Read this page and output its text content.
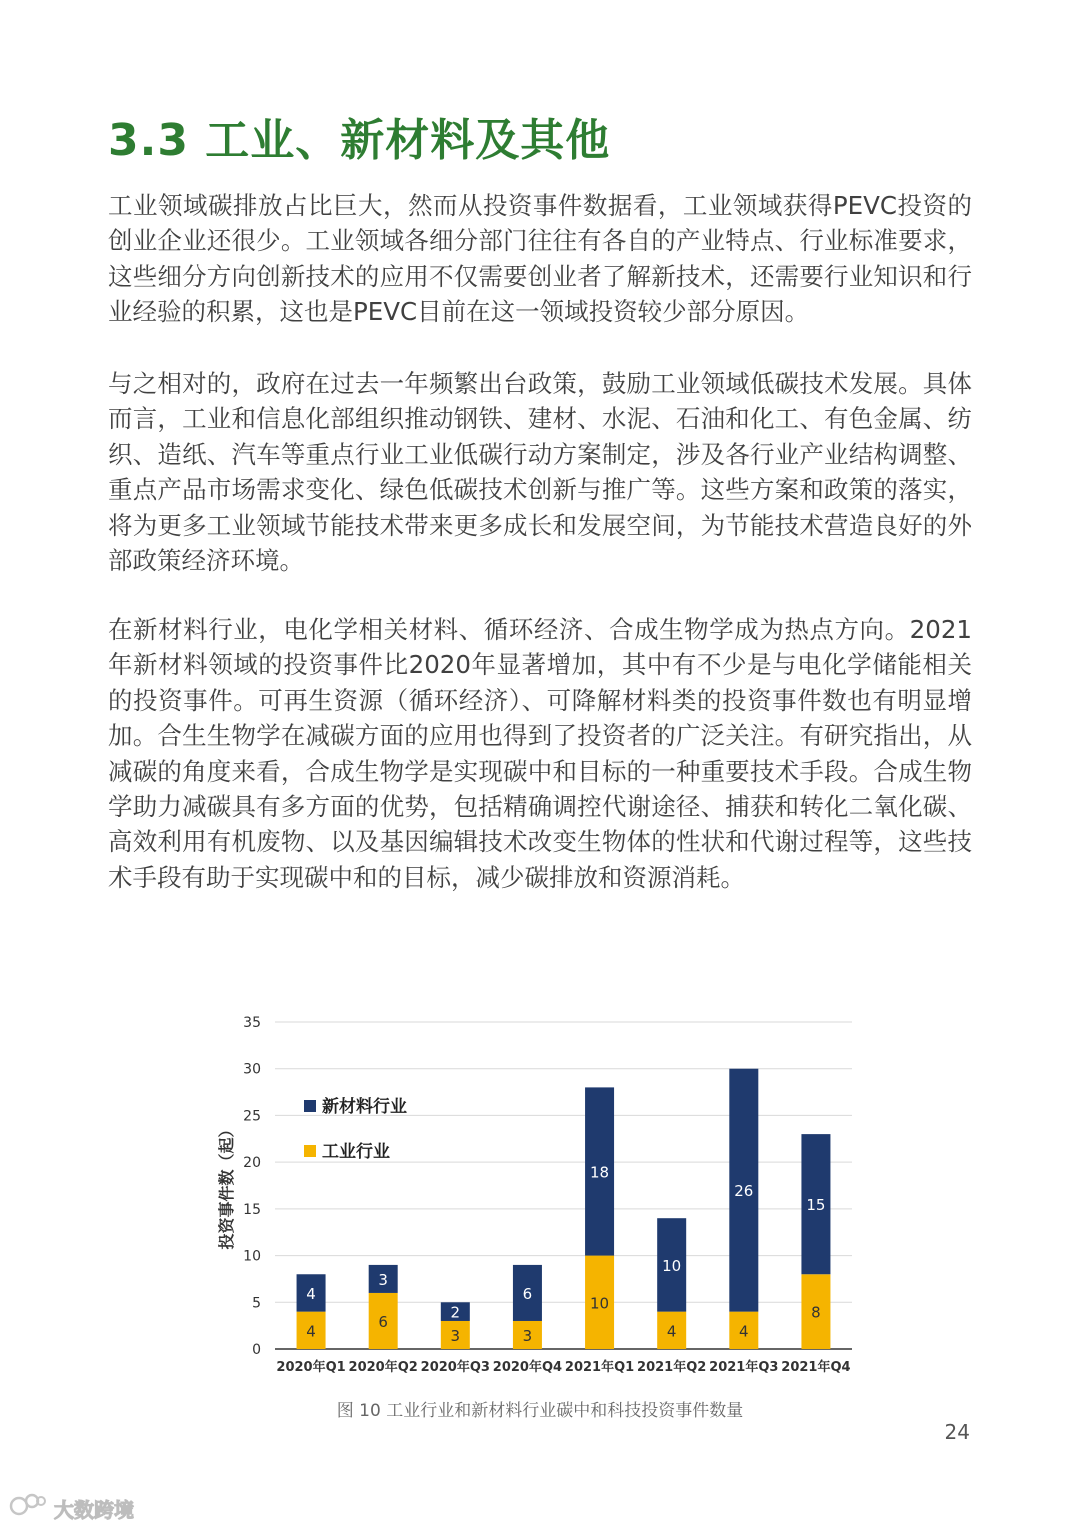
3.3 工业、新材料及其他

工业领域碳排放占比巨大，然而从投资事件数据看，工业领域获得PEVC投资的创业企业还很少。工业领域各细分部门往往有各自的产业特点、行业标准要求，这些细分方向创新技术的应用不仅需要创业者了解新技术，还需要行业知识和行业经验的积累，这也是PEVC目前在这一领域投资较少部分原因。

与之相对的，政府在过去一年频繁出台政策，鼓励工业领域低碳技术发展。具体而言，工业和信息化部组织推动钢铁、建材、水泥、石油和化工、有色金属、纺织、造纸、汽车等重点行业工业低碳行动方案制定，涉及各行业产业结构调整、重点产品市场需求变化、绿色低碳技术创新与推广等。这些方案和政策的落实，将为更多工业领域节能技术带来更多成长和发展空间，为节能技术营造良好的外部政策经济环境。

在新材料行业，电化学相关材料、循环经济、合成生物学成为热点方向。2021年新材料领域的投资事件比2020年显著增加，其中有不少是与电化学储能相关的投资事件。可再生资源（循环经济）、可降解材料类的投资事件数也有明显增加。合生生物学在减碳方面的应用也得到了投资者的广泛关注。有研究指出，从减碳的角度来看，合成生物学是实现碳中和目标的一种重要技术手段。合成生物学助力减碳具有多方面的优势，包括精确调控代谢途径、捕获和转化二氧化碳、高效利用有机废物、以及基因编辑技术改变生物体的性状和代谢过程等，这些技术手段有助于实现碳中和的目标，减少碳排放和资源消耗。

0
5
10
15
20
25
30
35
投资事件数（起）
4
4
2020年Q1
6
3
2020年Q2
3
2
2020年Q3
3
6
2020年Q4
10
18
2021年Q1
4
10
2021年Q2
4
26
2021年Q3
8
15
2021年Q4
新材料行业
工业行业
图 10 工业行业和新材料行业碳中和科技投资事件数量
24
大数跨境
